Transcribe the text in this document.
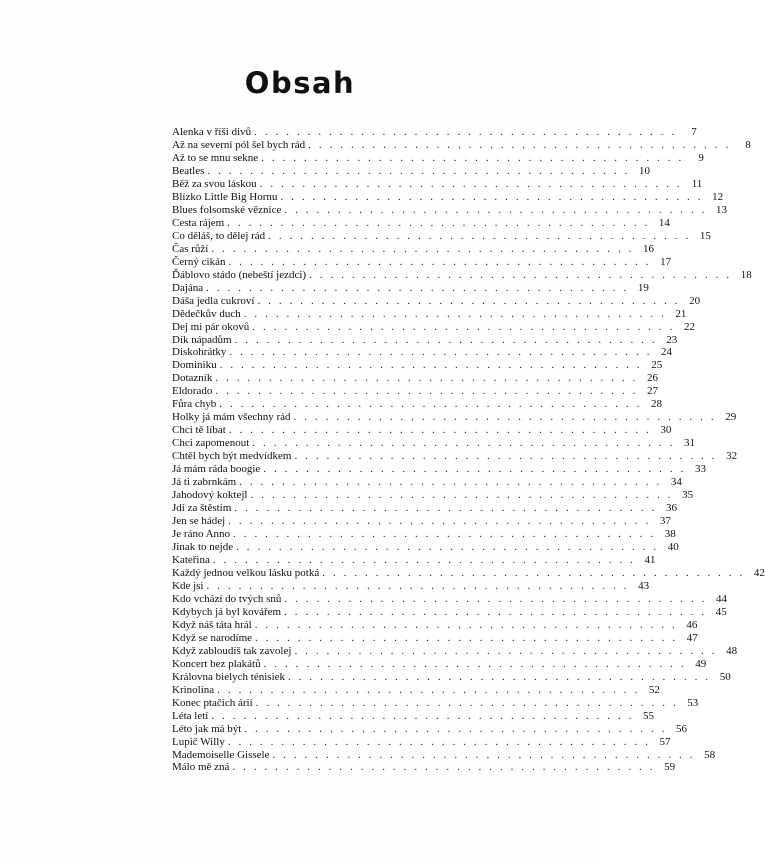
Obsah
Alenka v říši divů . . . . . . . . . . . . . . . . . . . . . . . . . . . . . . . . . . . . . . . .	7
Až na severní pól šel bych rád . . . . . . . . . . . . . . . . . . . . . . . . . . . . . . . . . . . . . . . .	8
Až to se mnu sekne . . . . . . . . . . . . . . . . . . . . . . . . . . . . . . . . . . . . . . . .	9
Beatles . . . . . . . . . . . . . . . . . . . . . . . . . . . . . . . . . . . . . . . . 10
Běž za svou láskou . . . . . . . . . . . . . . . . . . . . . . . . . . . . . . . . . . . . . . . . 11
Blízko Little Big Hornu . . . . . . . . . . . . . . . . . . . . . . . . . . . . . . . . . . . . . . . . 12
Blues folsomské věznice . . . . . . . . . . . . . . . . . . . . . . . . . . . . . . . . . . . . . . . . 13
Cesta rájem . . . . . . . . . . . . . . . . . . . . . . . . . . . . . . . . . . . . . . . . 14
Co děláš, to dělej rád . . . . . . . . . . . . . . . . . . . . . . . . . . . . . . . . . . . . . . . . 15
Čas růží . . . . . . . . . . . . . . . . . . . . . . . . . . . . . . . . . . . . . . . . 16
Černý cikán . . . . . . . . . . . . . . . . . . . . . . . . . . . . . . . . . . . . . . . . 17
Ďáblovo stádo (nebeští jezdci) . . . . . . . . . . . . . . . . . . . . . . . . . . . . . . . . . . . . . . . . 18
Dajána . . . . . . . . . . . . . . . . . . . . . . . . . . . . . . . . . . . . . . . . 19
Dáša jedla cukroví . . . . . . . . . . . . . . . . . . . . . . . . . . . . . . . . . . . . . . . . 20
Dědečkův duch . . . . . . . . . . . . . . . . . . . . . . . . . . . . . . . . . . . . . . . . 21
Dej mi pár okovů . . . . . . . . . . . . . . . . . . . . . . . . . . . . . . . . . . . . . . . . 22
Dík nápadům . . . . . . . . . . . . . . . . . . . . . . . . . . . . . . . . . . . . . . . . 23
Diskohrátky . . . . . . . . . . . . . . . . . . . . . . . . . . . . . . . . . . . . . . . . 24
Dominiku . . . . . . . . . . . . . . . . . . . . . . . . . . . . . . . . . . . . . . . . 25
Dotazník . . . . . . . . . . . . . . . . . . . . . . . . . . . . . . . . . . . . . . . . 26
Eldorado . . . . . . . . . . . . . . . . . . . . . . . . . . . . . . . . . . . . . . . . 27
Fůra chyb . . . . . . . . . . . . . . . . . . . . . . . . . . . . . . . . . . . . . . . . 28
Holky já mám všechny rád . . . . . . . . . . . . . . . . . . . . . . . . . . . . . . . . . . . . . . . . 29
Chci tě líbat . . . . . . . . . . . . . . . . . . . . . . . . . . . . . . . . . . . . . . . . 30
Chci zapomenout . . . . . . . . . . . . . . . . . . . . . . . . . . . . . . . . . . . . . . . . 31
Chtěl bych být medvídkem . . . . . . . . . . . . . . . . . . . . . . . . . . . . . . . . . . . . . . . . 32
Já mám ráda boogie . . . . . . . . . . . . . . . . . . . . . . . . . . . . . . . . . . . . . . . . 33
Já ti zabrnkám . . . . . . . . . . . . . . . . . . . . . . . . . . . . . . . . . . . . . . . . 34
Jahodový koktejl . . . . . . . . . . . . . . . . . . . . . . . . . . . . . . . . . . . . . . . . 35
Jdi za štěstím . . . . . . . . . . . . . . . . . . . . . . . . . . . . . . . . . . . . . . . . 36
Jen se hádej . . . . . . . . . . . . . . . . . . . . . . . . . . . . . . . . . . . . . . . . 37
Je ráno Anno . . . . . . . . . . . . . . . . . . . . . . . . . . . . . . . . . . . . . . . . 38
Jinak to nejde . . . . . . . . . . . . . . . . . . . . . . . . . . . . . . . . . . . . . . . . 40
Kateřina . . . . . . . . . . . . . . . . . . . . . . . . . . . . . . . . . . . . . . . . 41
Každý jednou velkou lásku potká . . . . . . . . . . . . . . . . . . . . . . . . . . . . . . . . . . . . . . . . 42
Kde jsi . . . . . . . . . . . . . . . . . . . . . . . . . . . . . . . . . . . . . . . . 43
Kdo vchází do tvých snů . . . . . . . . . . . . . . . . . . . . . . . . . . . . . . . . . . . . . . . . 44
Kdybych já byl kovářem . . . . . . . . . . . . . . . . . . . . . . . . . . . . . . . . . . . . . . . . 45
Když náš táta hrál . . . . . . . . . . . . . . . . . . . . . . . . . . . . . . . . . . . . . . . . 46
Když se narodíme . . . . . . . . . . . . . . . . . . . . . . . . . . . . . . . . . . . . . . . . 47
Když zabloudíš tak zavolej . . . . . . . . . . . . . . . . . . . . . . . . . . . . . . . . . . . . . . . . 48
Koncert bez plakátů . . . . . . . . . . . . . . . . . . . . . . . . . . . . . . . . . . . . . . . . 49
Královna bielych ténisiek . . . . . . . . . . . . . . . . . . . . . . . . . . . . . . . . . . . . . . . . 50
Krinolína . . . . . . . . . . . . . . . . . . . . . . . . . . . . . . . . . . . . . . . . 52
Konec ptačích árií . . . . . . . . . . . . . . . . . . . . . . . . . . . . . . . . . . . . . . . . 53
Léta letí . . . . . . . . . . . . . . . . . . . . . . . . . . . . . . . . . . . . . . . . 55
Léto jak má být . . . . . . . . . . . . . . . . . . . . . . . . . . . . . . . . . . . . . . . . 56
Lupič Willy . . . . . . . . . . . . . . . . . . . . . . . . . . . . . . . . . . . . . . . . 57
Mademoiselle Gissele . . . . . . . . . . . . . . . . . . . . . . . . . . . . . . . . . . . . . . . . 58
Málo mě zná . . . . . . . . . . . . . . . . . . . . . . . . . . . . . . . . . . . . . . . . 59
